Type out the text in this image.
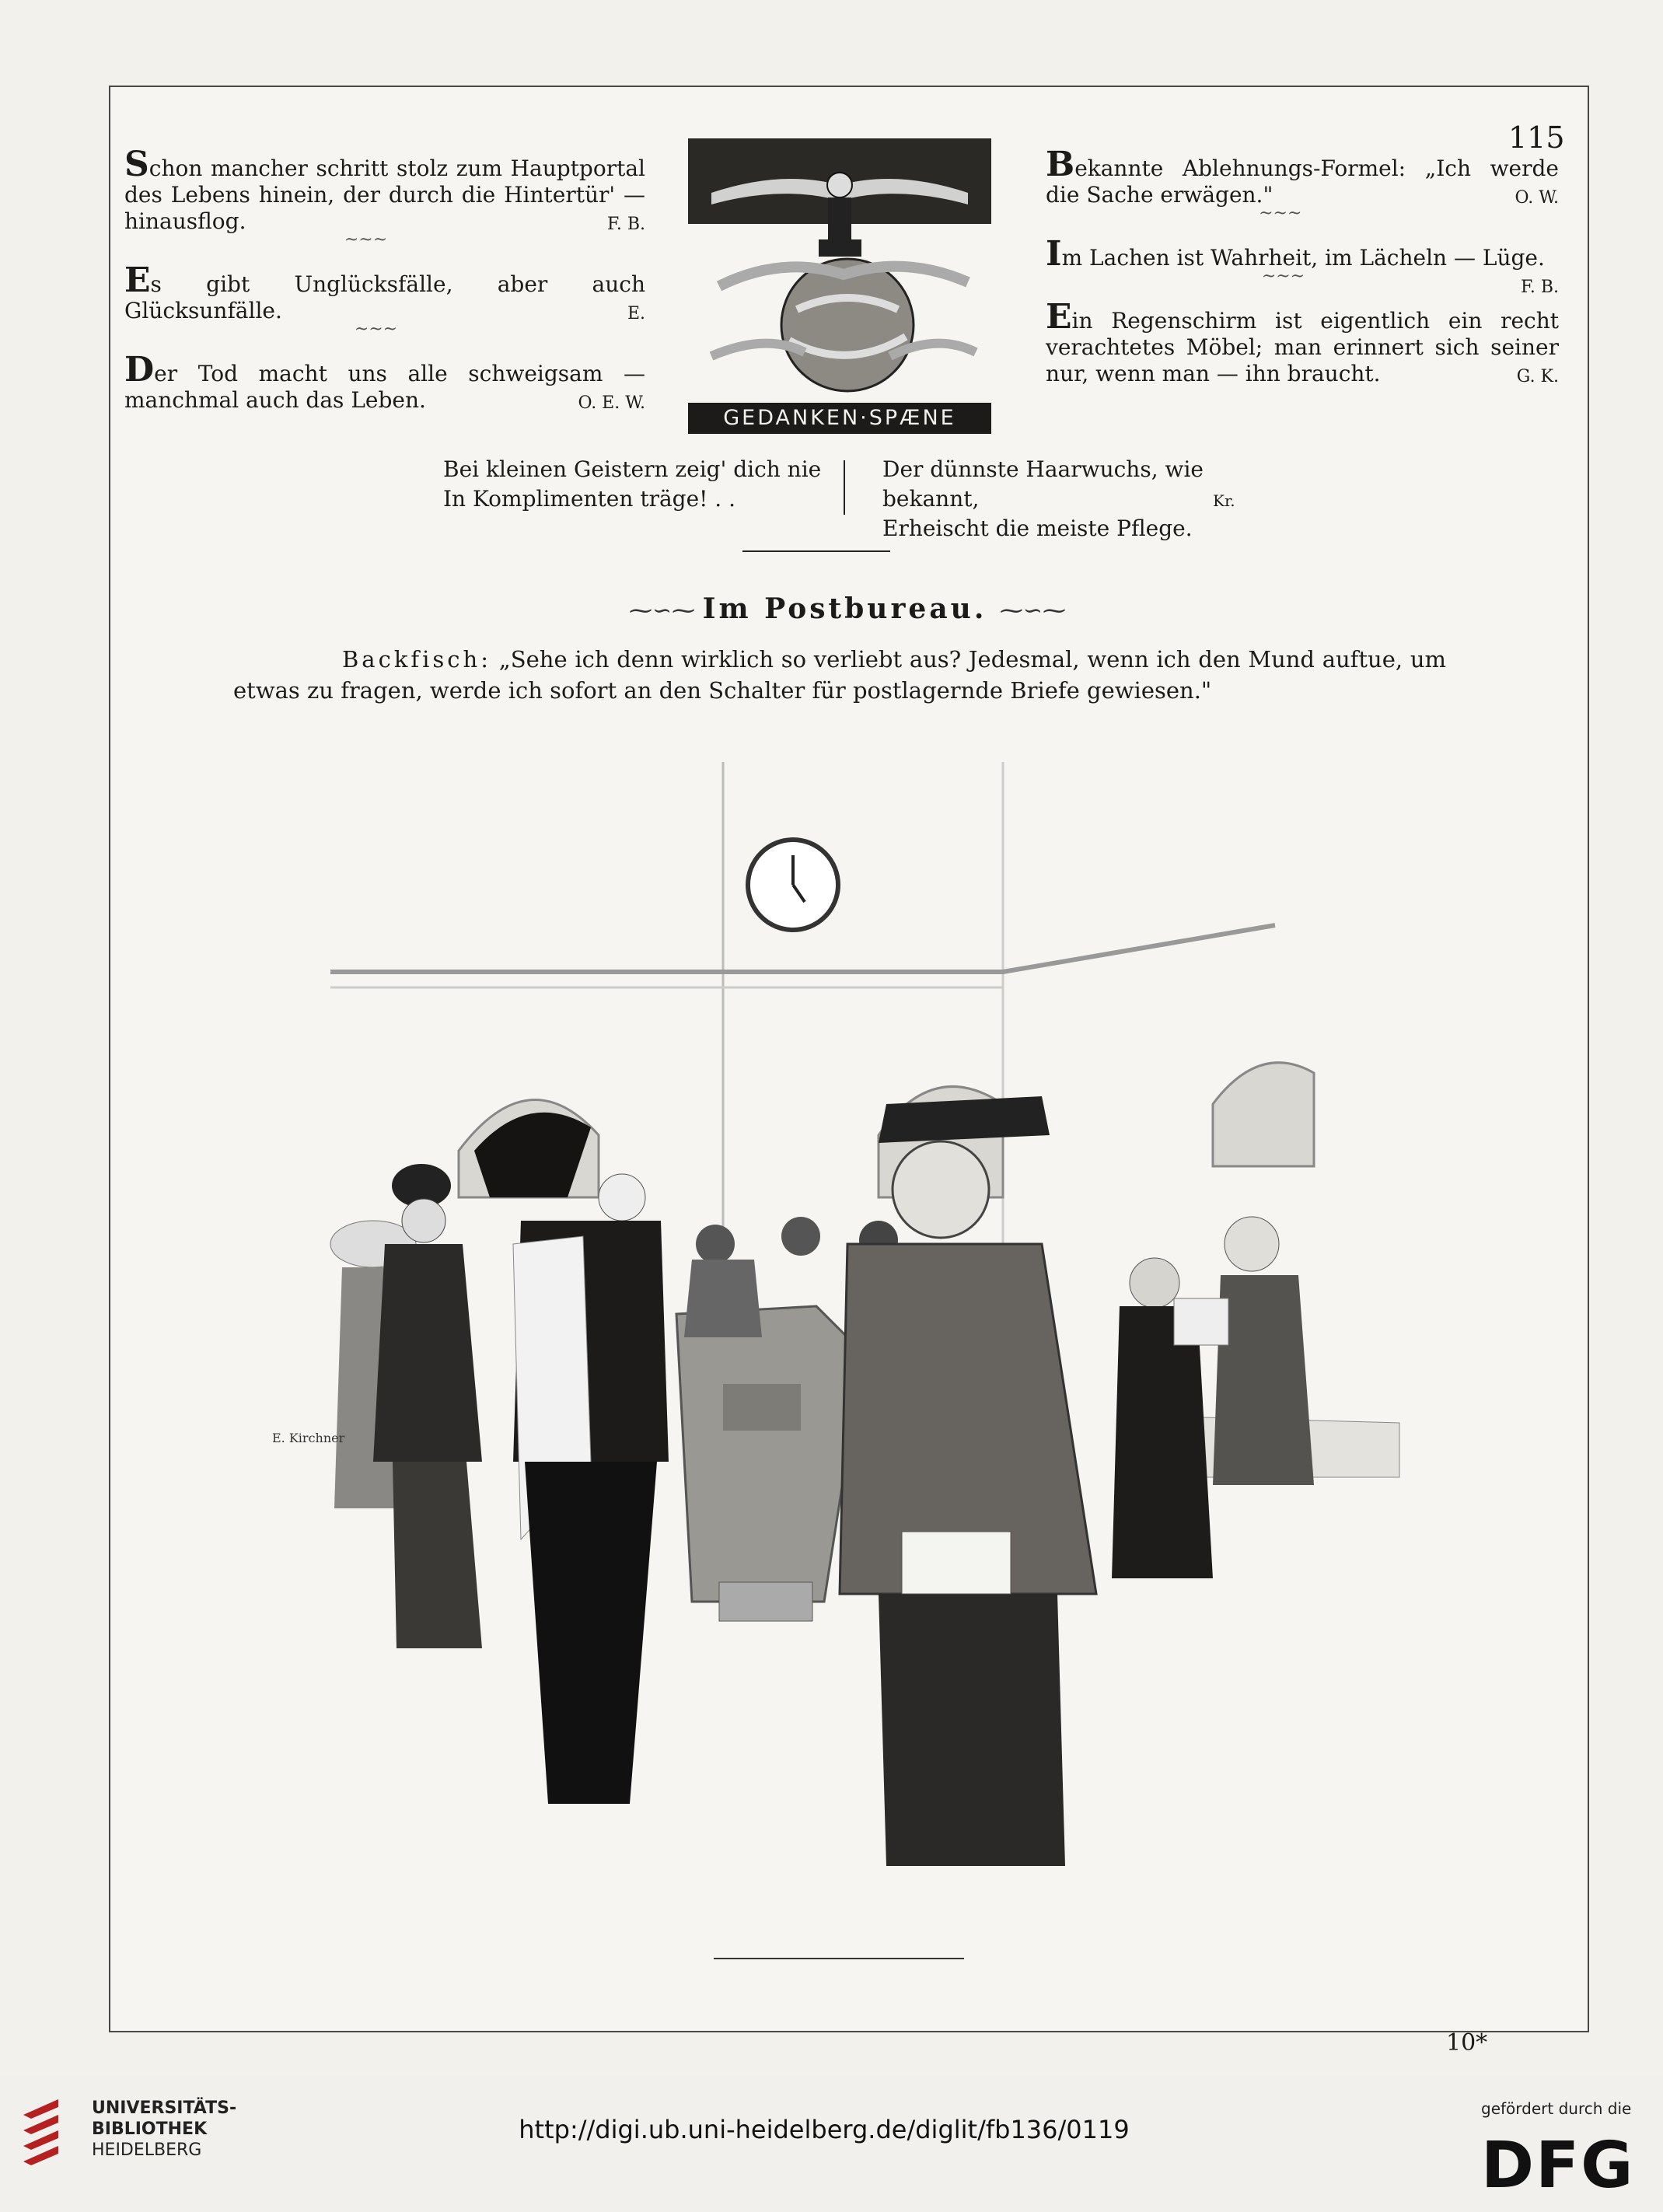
115

Schon mancher schritt stolz zum Hauptportal des Lebens hinein, der durch die Hintertür' — hinausflog.	F. B.
~~~

Es gibt Unglücksfälle, aber auch Glücksunfälle.	E.
~~~

Der Tod macht uns alle schweigsam — manchmal auch das Leben.	O. E. W.

GEDANKEN·SPÆNE

Bekannte Ablehnungs-Formel: „Ich werde die Sache erwägen."	O. W.
~~~

Im Lachen ist Wahrheit, im Lächeln — Lüge.
F. B.
~~~

Ein Regenschirm ist eigentlich ein recht verachtetes Möbel; man erinnert sich seiner nur, wenn man — ihn braucht.	G. K.

Bei kleinen Geistern zeig' dich nie
In Komplimenten träge! . .
Der dünnste Haarwuchs, wie bekannt,
Erheischt die meiste Pflege.
Kr.
⁓∽⁓ Im Postbureau. ⁓∽⁓
Backfisch: „Sehe ich denn wirklich so verliebt aus? Jedesmal, wenn ich den Mund auftue, um etwas zu fragen, werde ich sofort an den Schalter für postlagernde Briefe gewiesen."
E. Kirchner
10*
UNIVERSITÄTS-
BIBLIOTHEK
HEIDELBERG
http://digi.ub.uni-heidelberg.de/diglit/fb136/0119
gefördert durch die
DFG
